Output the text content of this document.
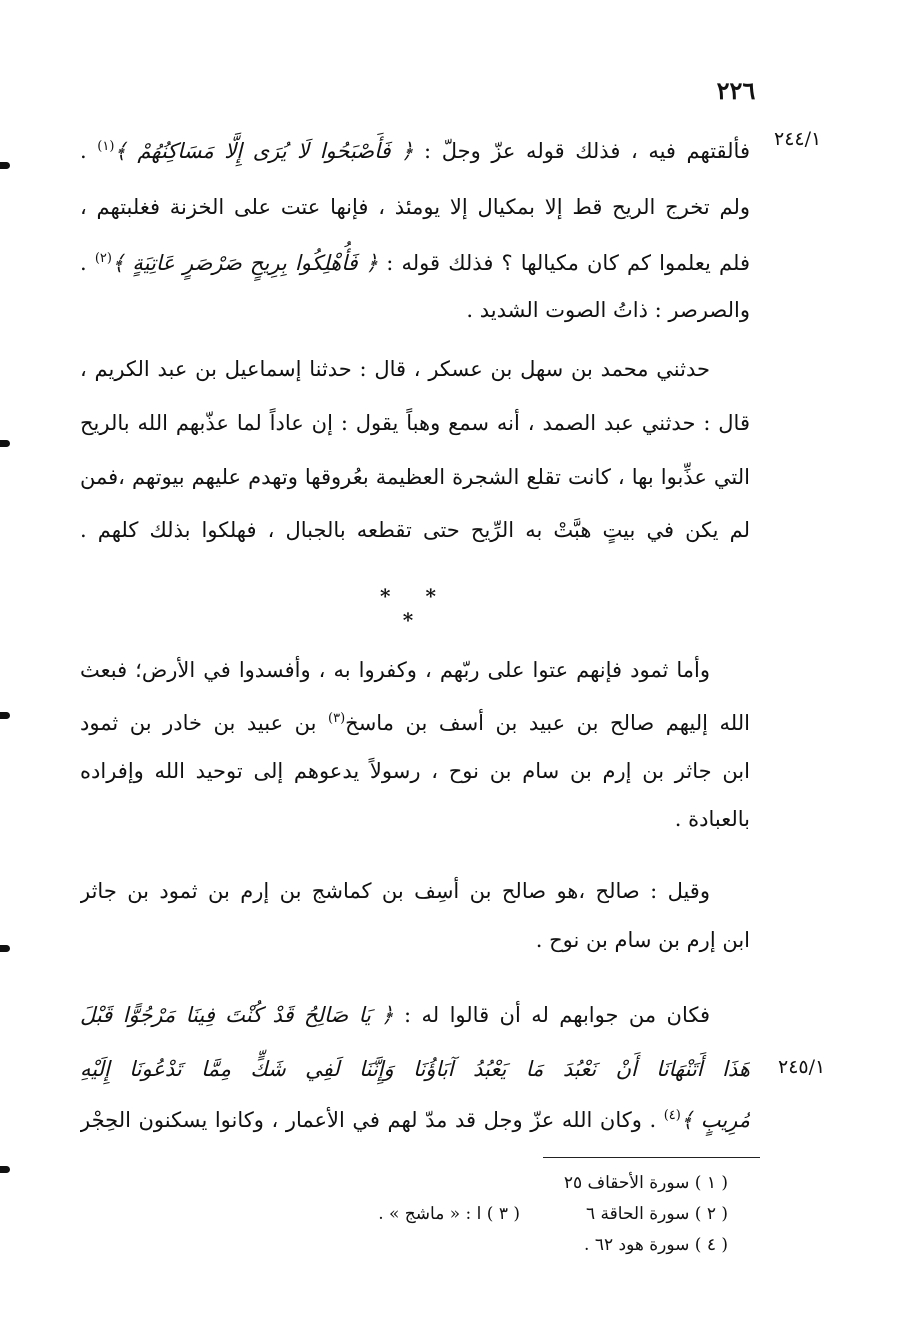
٢٢٦
٢٤٤/١
٢٤٥/١
فألقتهم فيه ، فذلك قوله عزّ وجلّ : ﴿ فَأَصْبَحُوا لَا يُرَى إِلَّا مَسَاكِنُهُمْ ﴾$^{(١)}$ .
ولم تخرج الريح قط إلا بمكيال إلا يومئذ ، فإنها عتت على الخزنة فغلبتهم ،
فلم يعلموا كم كان مكيالها ؟ فذلك قوله : ﴿ فَأُهْلِكُوا بِرِيحٍ صَرْصَرٍ عَاتِيَةٍ ﴾$^{(٢)}$ .
والصرصر : ذاتُ الصوت الشديد .
حدثني محمد بن سهل بن عسكر ، قال : حدثنا إسماعيل بن عبد الكريم ،
قال : حدثني عبد الصمد ، أنه سمع وهباً يقول : إن عاداً لما عذّبهم الله بالريح
التي عذِّبوا بها ، كانت تقلع الشجرة العظيمة بعُروقها وتهدم عليهم بيوتهم ،فمن
لم يكن في بيتٍ هبَّتْ به الرِّيح حتى تقطعه بالجبال ، فهلكوا بذلك كلهم .
* * *
وأما ثمود فإنهم عتوا على ربّهم ، وكفروا به ، وأفسدوا في الأرض؛ فبعث
الله إليهم صالح بن عبيد بن أسف بن ماسخ$^{(٣)}$ بن عبيد بن خادر بن ثمود
ابن جاثر بن إرم بن سام بن نوح ، رسولاً يدعوهم إلى توحيد الله وإفراده
بالعبادة .
وقيل : صالح ،هو صالح بن أسِف بن كماشج بن إرم بن ثمود بن جاثر
ابن إرم بن سام بن نوح .
فكان من جوابهم له أن قالوا له : ﴿ يَا صَالِحُ قَدْ كُنْتَ فِينَا مَرْجُوًّا قَبْلَ
هَذَا أَتَنْهَانَا أَنْ نَعْبُدَ مَا يَعْبُدُ آبَاؤُنَا وَإِنَّنَا لَفِي شَكٍّ مِمَّا تَدْعُونَا إِلَيْهِ
مُرِيبٍ ﴾$^{(٤)}$ . وكان الله عزّ وجل قد مدّ لهم في الأعمار ، وكانوا يسكنون الحِجْر
( ١ ) سورة الأحقاف ٢٥
( ٢ ) سورة الحاقة ٦
( ٣ ) ا : « ماشج » .
( ٤ ) سورة هود ٦٢ .
